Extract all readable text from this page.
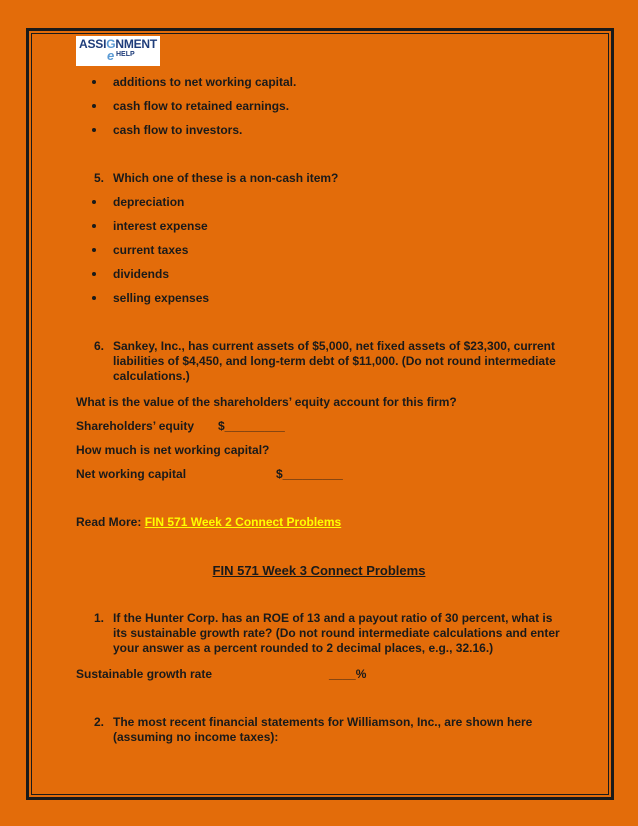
ASSIGNMENT
e HELP
additions to net working capital.
cash flow to retained earnings.
cash flow to investors.
5. Which one of these is a non-cash item?
depreciation
interest expense
current taxes
dividends
selling expenses
6. Sankey, Inc., has current assets of $5,000, net fixed assets of $23,300, current liabilities of $4,450, and long-term debt of $11,000. (Do not round intermediate calculations.)
What is the value of the shareholders’ equity account for this firm?
Shareholders’ equity $_________
How much is net working capital?
Net working capital	$_________
Read More: FIN 571 Week 2 Connect Problems
FIN 571 Week 3 Connect Problems
1. If the Hunter Corp. has an ROE of 13 and a payout ratio of 30 percent, what is its sustainable growth rate? (Do not round intermediate calculations and enter your answer as a percent rounded to 2 decimal places, e.g., 32.16.)
Sustainable growth rate	____%
2. The most recent financial statements for Williamson, Inc., are shown here (assuming no income taxes):
